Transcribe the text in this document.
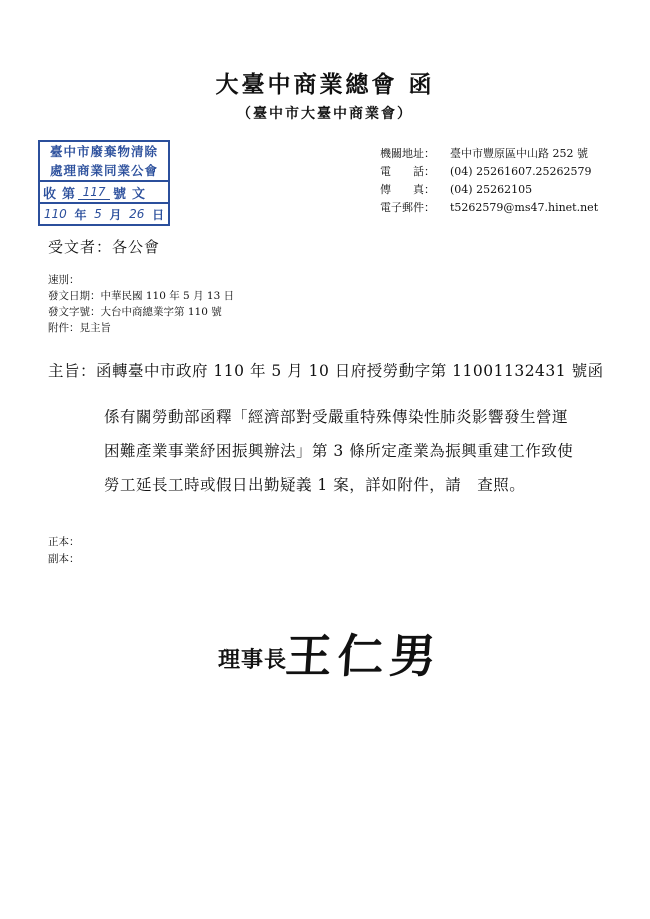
大臺中商業總會 函
（臺中市大臺中商業會）
臺中市廢棄物清除
處理商業同業公會
收 第 117 號 文
110 年 5 月 26 日
機關地址：	臺中市豐原區中山路 252 號
電　　話：	(04) 25261607.25262579
傳　　真：	(04) 25262105
電子郵件：	t5262579@ms47.hinet.net
受文者：各公會
速別：
發文日期：中華民國 110 年 5 月 13 日
發文字號：大台中商總業字第 110 號
附件：見主旨
主旨：函轉臺中市政府 110 年 5 月 10 日府授勞動字第 11001132431 號函
係有關勞動部函釋「經濟部對受嚴重特殊傳染性肺炎影響發生營運
困難產業事業紓困振興辦法」第 3 條所定產業為振興重建工作致使
勞工延長工時或假日出勤疑義 1 案，詳如附件，請　查照。
正本：
副本：
理事長
王仁男
